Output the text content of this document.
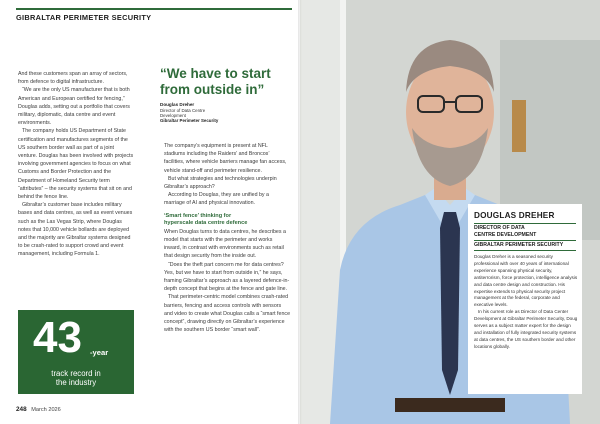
GIBRALTAR PERIMETER SECURITY

And these customers span an array of sectors, from defence to digital infrastructure.

“We are the only US manufacturer that is both American and European certified for fencing,” Douglas adds, setting out a portfolio that covers military, diplomatic, data centre and event environments.

The company holds US Department of State certification and manufactures segments of the US southern border wall as part of a joint venture. Douglas has been involved with projects involving government agencies to focus on what Customs and Border Protection and the Department of Homeland Security term “attributes” – the security systems that sit on and behind the fence line.

Gibraltar’s customer base includes military bases and data centres, as well as event venues such as the Las Vegas Strip, where Douglas notes that 10,000 vehicle bollards are deployed and the majority are Gibraltar systems designed to be crash-rated to support crowd and event management, including Formula 1.

“We have to start from outside in”
Douglas Dreher
Director of Data Centre
Development
Gibraltar Perimeter Security

The company’s equipment is present at NFL stadiums including the Raiders’ and Broncos’ facilities, where vehicle barriers manage fan access, vehicle stand-off and perimeter resilience.

But what strategies and technologies underpin Gibraltar’s approach?

According to Douglas, they are unified by a marriage of AI and physical innovation.

‘Smart fence’ thinking for
hyperscale data centre defence

When Douglas turns to data centres, he describes a model that starts with the perimeter and works inward, in contrast with environments such as retail that design security from the inside out.

“Does the theft part concern me for data centres? Yes, but we have to start from outside in,” he says, framing Gibraltar’s approach as a layered defence-in-depth concept that begins at the fence and gate line.

That perimeter-centric model combines crash-rated barriers, fencing and access controls with sensors and video to create what Douglas calls a “smart fence concept”, drawing directly on Gibraltar’s experience with the southern US border “smart wall”.

43 -year
track record in
the industry
248 March 2026
DOUGLAS DREHER
DIRECTOR OF DATA
CENTRE DEVELOPMENT
GIBRALTAR PERIMETER SECURITY

Douglas Dreher is a seasoned security professional with over 40 years of international experience spanning physical security, antiterrorism, force protection, intelligence analysis and data centre design and construction. His expertise extends to physical security project management at the federal, corporate and executive levels.

In his current role as Director of Data Center Development at Gibraltar Perimeter Security, Doug serves as a subject matter expert for the design and installation of fully integrated security systems at data centres, the US southern border and other locations globally.
